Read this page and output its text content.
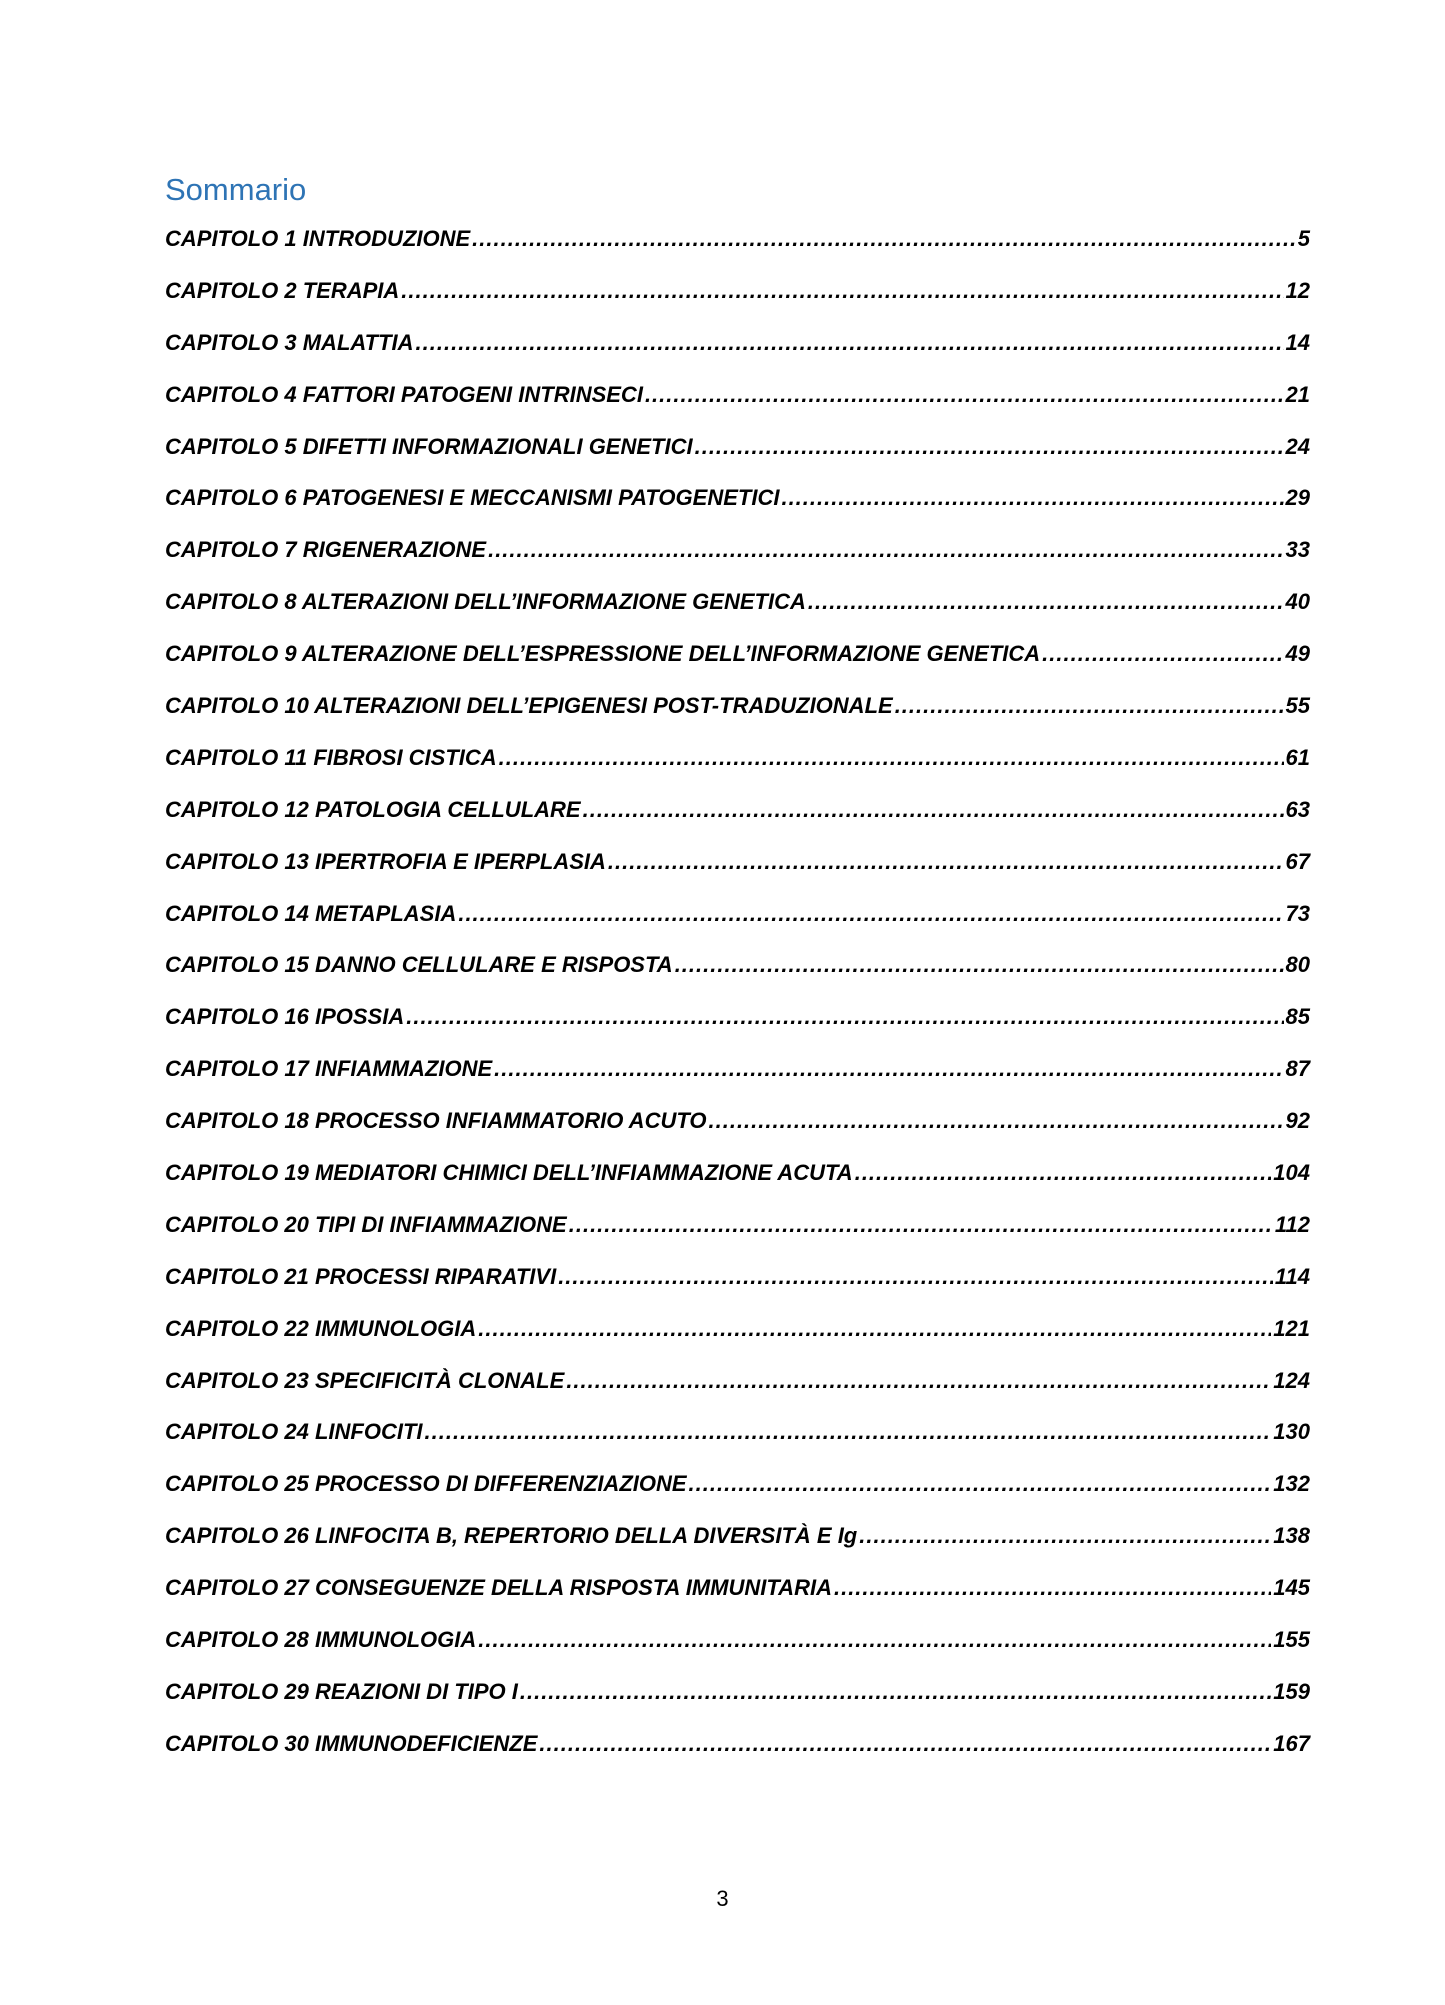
Sommario
CAPITOLO 1 INTRODUZIONE .....	5
CAPITOLO 2 TERAPIA .....	12
CAPITOLO 3 MALATTIA .....	14
CAPITOLO 4 FATTORI PATOGENI INTRINSECI .....	21
CAPITOLO 5 DIFETTI INFORMAZIONALI GENETICI .....	24
CAPITOLO 6 PATOGENESI E MECCANISMI PATOGENETICI .....	29
CAPITOLO 7 RIGENERAZIONE .....	33
CAPITOLO 8 ALTERAZIONI DELL’INFORMAZIONE GENETICA .....	40
CAPITOLO 9 ALTERAZIONE DELL’ESPRESSIONE DELL’INFORMAZIONE GENETICA .....	49
CAPITOLO 10 ALTERAZIONI DELL’EPIGENESI POST-TRADUZIONALE .....	55
CAPITOLO 11 FIBROSI CISTICA .....	61
CAPITOLO 12 PATOLOGIA CELLULARE .....	63
CAPITOLO 13 IPERTROFIA E IPERPLASIA .....	67
CAPITOLO 14 METAPLASIA .....	73
CAPITOLO 15 DANNO CELLULARE E RISPOSTA .....	80
CAPITOLO 16 IPOSSIA .....	85
CAPITOLO 17 INFIAMMAZIONE .....	87
CAPITOLO 18 PROCESSO INFIAMMATORIO ACUTO .....	92
CAPITOLO 19 MEDIATORI CHIMICI DELL’INFIAMMAZIONE ACUTA .....	104
CAPITOLO 20 TIPI DI INFIAMMAZIONE .....	112
CAPITOLO 21 PROCESSI RIPARATIVI .....	114
CAPITOLO 22 IMMUNOLOGIA .....	121
CAPITOLO 23 SPECIFICITÀ CLONALE .....	124
CAPITOLO 24 LINFOCITI .....	130
CAPITOLO 25 PROCESSO DI DIFFERENZIAZIONE .....	132
CAPITOLO 26 LINFOCITA B, REPERTORIO DELLA DIVERSITÀ E Ig .....	138
CAPITOLO 27 CONSEGUENZE DELLA RISPOSTA IMMUNITARIA .....	145
CAPITOLO 28 IMMUNOLOGIA .....	155
CAPITOLO 29 REAZIONI DI TIPO I .....	159
CAPITOLO 30 IMMUNODEFICIENZE .....	167
3
